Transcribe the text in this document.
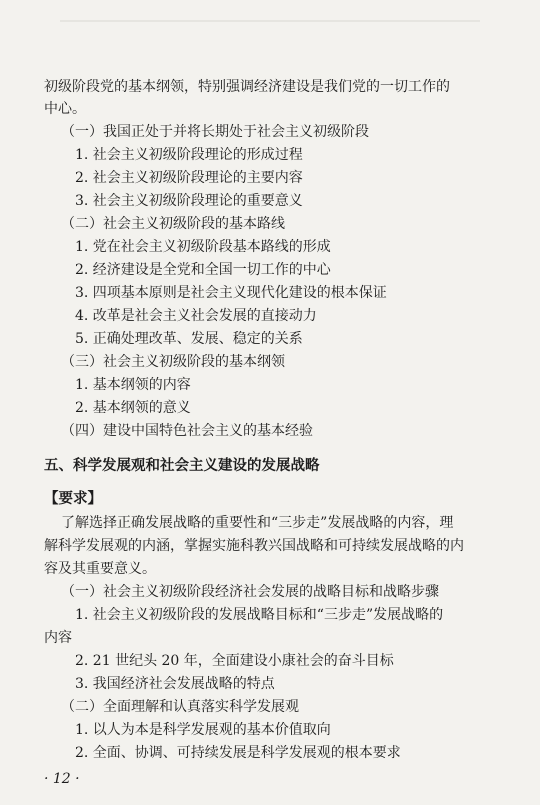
初级阶段党的基本纲领，特别强调经济建设是我们党的一切工作的
中心。
（一）我国正处于并将长期处于社会主义初级阶段
1. 社会主义初级阶段理论的形成过程
2. 社会主义初级阶段理论的主要内容
3. 社会主义初级阶段理论的重要意义
（二）社会主义初级阶段的基本路线
1. 党在社会主义初级阶段基本路线的形成
2. 经济建设是全党和全国一切工作的中心
3. 四项基本原则是社会主义现代化建设的根本保证
4. 改革是社会主义社会发展的直接动力
5. 正确处理改革、发展、稳定的关系
（三）社会主义初级阶段的基本纲领
1. 基本纲领的内容
2. 基本纲领的意义
（四）建设中国特色社会主义的基本经验
五、科学发展观和社会主义建设的发展战略
【要求】
了解选择正确发展战略的重要性和“三步走”发展战略的内容，理
解科学发展观的内涵，掌握实施科教兴国战略和可持续发展战略的内
容及其重要意义。
（一）社会主义初级阶段经济社会发展的战略目标和战略步骤
1. 社会主义初级阶段的发展战略目标和“三步走”发展战略的
内容
2. 21 世纪头 20 年，全面建设小康社会的奋斗目标
3. 我国经济社会发展战略的特点
（二）全面理解和认真落实科学发展观
1. 以人为本是科学发展观的基本价值取向
2. 全面、协调、可持续发展是科学发展观的根本要求
· 12 ·
